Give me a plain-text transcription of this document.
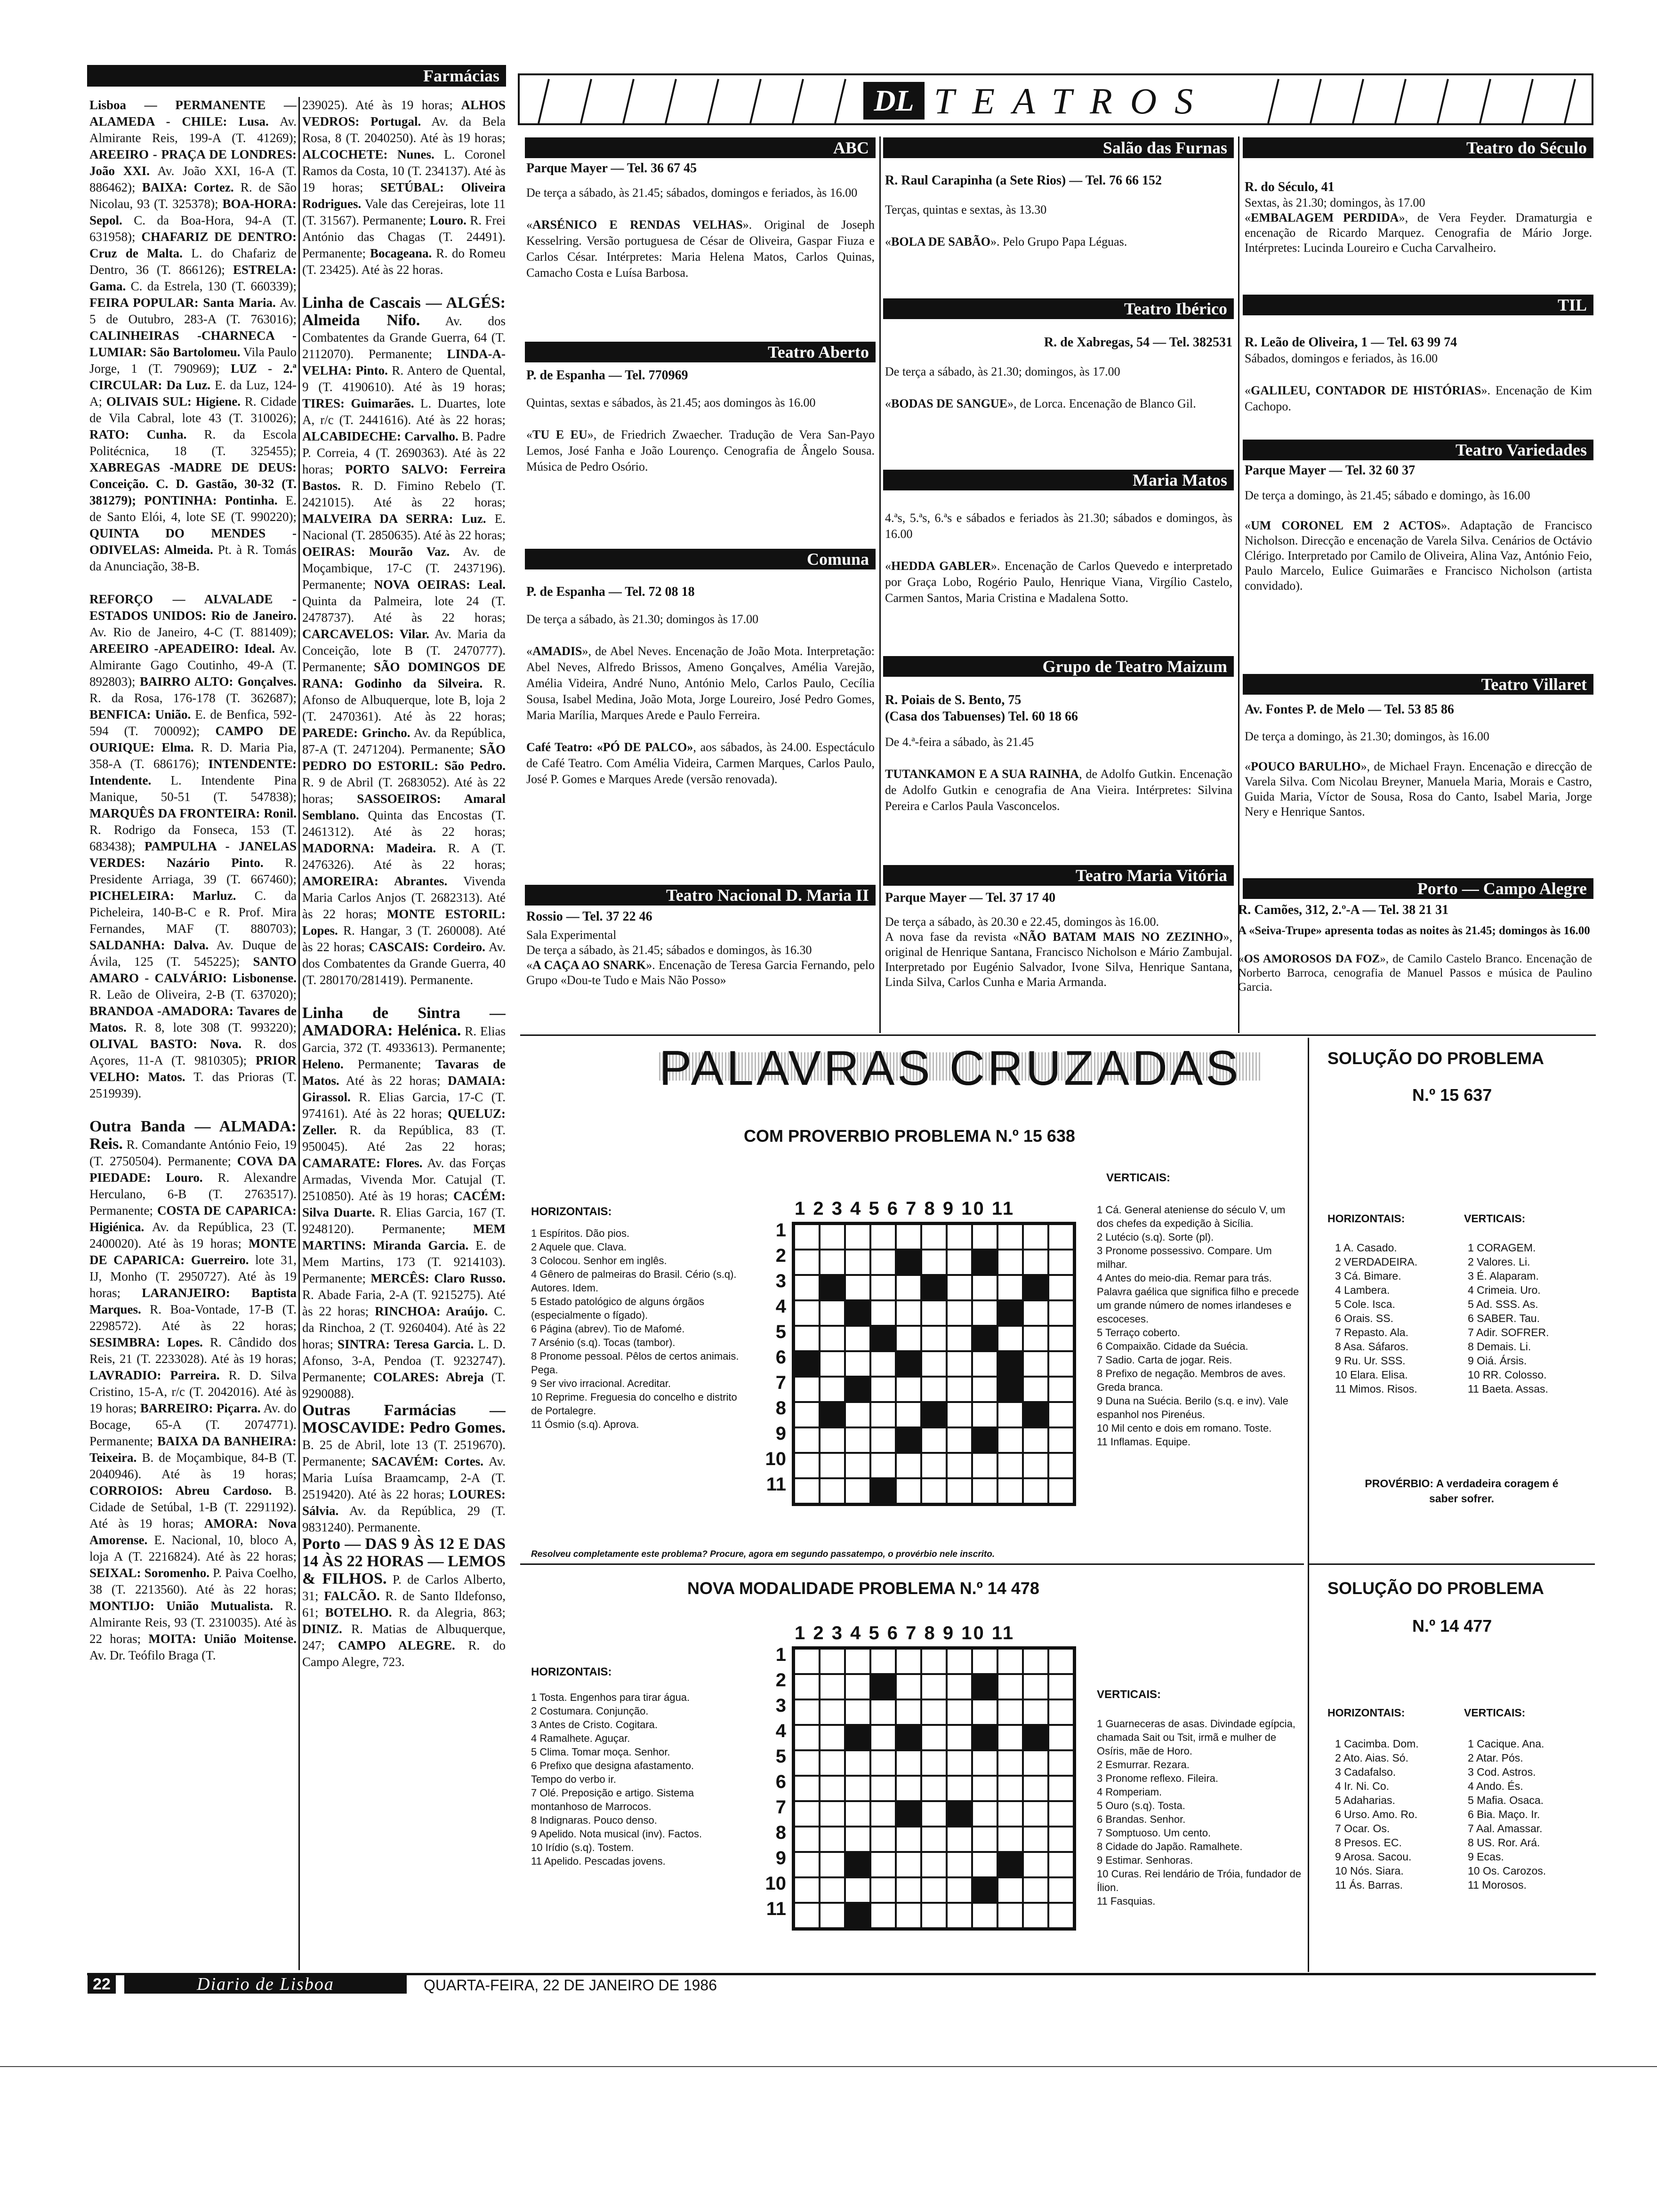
Farmácias
Lisboa — PERMANENTE —ALAMEDA - CHILE: Lusa. Av. Almirante Reis, 199-A (T. 41269); AREEIRO - PRAÇA DE LONDRES: João XXI. Av. João XXI, 16-A (T. 886462); BAIXA: Cortez. R. de São Nicolau, 93 (T. 325378); BOA-HORA: Sepol. C. da Boa-Hora, 94-A (T. 631958); CHAFARIZ DE DENTRO: Cruz de Malta. L. do Chafariz de Dentro, 36 (T. 866126); ESTRELA: Gama. C. da Estrela, 130 (T. 660339); FEIRA POPULAR: Santa Maria. Av. 5 de Outubro, 283-A (T. 763016); CALINHEIRAS -CHARNECA - LUMIAR: São Bartolomeu. Vila Paulo Jorge, 1 (T. 790969); LUZ - 2.ª CIRCULAR: Da Luz. E. da Luz, 124-A; OLIVAIS SUL: Higiene. R. Cidade de Vila Cabral, lote 43 (T. 310026); RATO: Cunha. R. da Escola Politécnica, 18 (T. 325455); XABREGAS -MADRE DE DEUS: Conceição. C. D. Gastão, 30-32 (T. 381279); PONTINHA: Pontinha. E. de Santo Elói, 4, lote SE (T. 990220); QUINTA DO MENDES - ODIVELAS: Almeida. Pt. à R. Tomás da Anunciação, 38-B.

REFORÇO — ALVALADE -ESTADOS UNIDOS: Rio de Janeiro. Av. Rio de Janeiro, 4-C (T. 881409); AREEIRO -APEADEIRO: Ideal. Av. Almirante Gago Coutinho, 49-A (T. 892803); BAIRRO ALTO: Gonçalves. R. da Rosa, 176-178 (T. 362687); BENFICA: União. E. de Benfica, 592-594 (T. 700092); CAMPO DE OURIQUE: Elma. R. D. Maria Pia, 358-A (T. 686176); INTENDENTE: Intendente. L. Intendente Pina Manique, 50-51 (T. 547838); MARQUÊS DA FRONTEIRA: Ronil. R. Rodrigo da Fonseca, 153 (T. 683438); PAMPULHA - JANELAS VERDES: Nazário Pinto. R. Presidente Arriaga, 39 (T. 667460); PICHELEIRA: Marluz. C. da Picheleira, 140-B-C e R. Prof. Mira Fernandes, MAF (T. 880703); SALDANHA: Dalva. Av. Duque de Ávila, 125 (T. 545225); SANTO AMARO - CALVÁRIO: Lisbonense. R. Leão de Oliveira, 2-B (T. 637020); BRANDOA -AMADORA: Tavares de Matos. R. 8, lote 308 (T. 993220); OLIVAL BASTO: Nova. R. dos Açores, 11-A (T. 9810305); PRIOR VELHO: Matos. T. das Prioras (T. 2519939).

Outra Banda — ALMADA: Reis. R. Comandante António Feio, 19 (T. 2750504). Permanente; COVA DA PIEDADE: Louro. R. Alexandre Herculano, 6-B (T. 2763517). Permanente; COSTA DE CAPARICA: Higiénica. Av. da República, 23 (T. 2400020). Até às 19 horas; MONTE DE CAPARICA: Guerreiro. lote 31, IJ, Monho (T. 2950727). Até às 19 horas; LARANJEIRO: Baptista Marques. R. Boa-Vontade, 17-B (T. 2298572). Até às 22 horas; SESIMBRA: Lopes. R. Cândido dos Reis, 21 (T. 2233028). Até às 19 horas; LAVRADIO: Parreira. R. D. Silva Cristino, 15-A, r/c (T. 2042016). Até às 19 horas; BARREIRO: Piçarra. Av. do Bocage, 65-A (T. 2074771). Permanente; BAIXA DA BANHEIRA: Teixeira. B. de Moçambique, 84-B (T. 2040946). Até às 19 horas; CORROIOS: Abreu Cardoso. B. Cidade de Setúbal, 1-B (T. 2291192). Até às 19 horas; AMORA: Nova Amorense. E. Nacional, 10, bloco A, loja A (T. 2216824). Até às 22 horas; SEIXAL: Soromenho. P. Paiva Coelho, 38 (T. 2213560). Até às 22 horas; MONTIJO: União Mutualista. R. Almirante Reis, 93 (T. 2310035). Até às 22 horas; MOITA: União Moitense. Av. Dr. Teófilo Braga (T.
239025). Até às 19 horas; ALHOS VEDROS: Portugal. Av. da Bela Rosa, 8 (T. 2040250). Até às 19 horas; ALCOCHETE: Nunes. L. Coronel Ramos da Costa, 10 (T. 234137). Até às 19 horas; SETÚBAL: Oliveira Rodrigues. Vale das Cerejeiras, lote 11 (T. 31567). Permanente; Louro. R. Frei António das Chagas (T. 24491). Permanente; Bocageana. R. do Romeu (T. 23425). Até às 22 horas.

Linha de Cascais — ALGÉS: Almeida Nifo. Av. dos Combatentes da Grande Guerra, 64 (T. 2112070). Permanente; LINDA-A-VELHA: Pinto. R. Antero de Quental, 9 (T. 4190610). Até às 19 horas; TIRES: Guimarães. L. Duartes, lote A, r/c (T. 2441616). Até às 22 horas; ALCABIDECHE: Carvalho. B. Padre P. Correia, 4 (T. 2690363). Até às 22 horas; PORTO SALVO: Ferreira Bastos. R. D. Fimino Rebelo (T. 2421015). Até às 22 horas; MALVEIRA DA SERRA: Luz. E. Nacional (T. 2850635). Até às 22 horas; OEIRAS: Mourão Vaz. Av. de Moçambique, 17-C (T. 2437196). Permanente; NOVA OEIRAS: Leal. Quinta da Palmeira, lote 24 (T. 2478737). Até às 22 horas; CARCAVELOS: Vilar. Av. Maria da Conceição, lote B (T. 2470777). Permanente; SÃO DOMINGOS DE RANA: Godinho da Silveira. R. Afonso de Albuquerque, lote B, loja 2 (T. 2470361). Até às 22 horas; PAREDE: Grincho. Av. da República, 87-A (T. 2471204). Permanente; SÃO PEDRO DO ESTORIL: São Pedro. R. 9 de Abril (T. 2683052). Até às 22 horas; SASSOEIROS: Amaral Semblano. Quinta das Encostas (T. 2461312). Até às 22 horas; MADORNA: Madeira. R. A (T. 2476326). Até às 22 horas; AMOREIRA: Abrantes. Vivenda Maria Carlos Anjos (T. 2682313). Até às 22 horas; MONTE ESTORIL: Lopes. R. Hangar, 3 (T. 260008). Até às 22 horas; CASCAIS: Cordeiro. Av. dos Combatentes da Grande Guerra, 40 (T. 280170/281419). Permanente.

Linha de Sintra — AMADORA: Helénica. R. Elias Garcia, 372 (T. 4933613). Permanente; Heleno. Permanente; Tavaras de Matos. Até às 22 horas; DAMAIA: Girassol. R. Elias Garcia, 17-C (T. 974161). Até às 22 horas; QUELUZ: Zeller. R. da República, 83 (T. 950045). Até 2as 22 horas; CAMARATE: Flores. Av. das Forças Armadas, Vivenda Mor. Catujal (T. 2510850). Até às 19 horas; CACÉM: Silva Duarte. R. Elias Garcia, 167 (T. 9248120). Permanente; MEM MARTINS: Miranda Garcia. E. de Mem Martins, 173 (T. 9214103). Permanente; MERCÊS: Claro Russo. R. Abade Faria, 2-A (T. 9215275). Até às 22 horas; RINCHOA: Araújo. C. da Rinchoa, 2 (T. 9260404). Até às 22 horas; SINTRA: Teresa Garcia. L. D. Afonso, 3-A, Pendoa (T. 9232747). Permanente; COLARES: Abreja (T. 9290088).
Outras Farmácias — MOSCAVIDE: Pedro Gomes. B. 25 de Abril, lote 13 (T. 2519670). Permanente; SACAVÉM: Cortes. Av. Maria Luísa Braamcamp, 2-A (T. 2519420). Até às 22 horas; LOURES: Sálvia. Av. da República, 29 (T. 9831240). Permanente.
Porto — DAS 9 ÀS 12 E DAS 14 ÀS 22 HORAS — LEMOS & FILHOS. P. de Carlos Alberto, 31; FALCÃO. R. de Santo Ildefonso, 61; BOTELHO. R. da Alegria, 863; DINIZ. R. Matias de Albuquerque, 247; CAMPO ALEGRE. R. do Campo Alegre, 723.
DL TEATROS
ABC
Parque Mayer — Tel. 36 67 45
De terça a sábado, às 21.45; sábados, domingos e feriados, às 16.00

«ARSÉNICO E RENDAS VELHAS». Original de Joseph Kesselring. Versão portuguesa de César de Oliveira, Gaspar Fiuza e Carlos César. Intérpretes: Maria Helena Matos, Carlos Quinas, Camacho Costa e Luísa Barbosa.
Teatro Aberto
P. de Espanha — Tel. 770969
Quintas, sextas e sábados, às 21.45; aos domingos às 16.00

«TU E EU», de Friedrich Zwaecher. Tradução de Vera San-Payo Lemos, José Fanha e João Lourenço. Cenografia de Ângelo Sousa. Música de Pedro Osório.
Comuna
P. de Espanha — Tel. 72 08 18
De terça a sábado, às 21.30; domingos às 17.00

«AMADIS», de Abel Neves. Encenação de João Mota. Interpretação: Abel Neves, Alfredo Brissos, Ameno Gonçalves, Amélia Varejão, Amélia Videira, André Nuno, António Melo, Carlos Paulo, Cecília Sousa, Isabel Medina, João Mota, Jorge Loureiro, José Pedro Gomes, Maria Marília, Marques Arede e Paulo Ferreira.

Café Teatro: «PÓ DE PALCO», aos sábados, às 24.00. Espectáculo de Café Teatro. Com Amélia Videira, Carmen Marques, Carlos Paulo, José P. Gomes e Marques Arede (versão renovada).
Teatro Nacional D. Maria II
Rossio — Tel. 37 22 46
Sala Experimental
De terça a sábado, às 21.45; sábados e domingos, às 16.30
«A CAÇA AO SNARK». Encenação de Teresa Garcia Fernando, pelo Grupo «Dou-te Tudo e Mais Não Posso»
Salão das Furnas
R. Raul Carapinha (a Sete Rios) — Tel. 76 66 152
Terças, quintas e sextas, às 13.30

«BOLA DE SABÃO». Pelo Grupo Papa Léguas.
Teatro Ibérico
R. de Xabregas, 54 — Tel. 382531
De terça a sábado, às 21.30; domingos, às 17.00

«BODAS DE SANGUE», de Lorca. Encenação de Blanco Gil.
Maria Matos
4.ªs, 5.ªs, 6.ªs e sábados e feriados às 21.30; sábados e domingos, às 16.00

«HEDDA GABLER». Encenação de Carlos Quevedo e interpretado por Graça Lobo, Rogério Paulo, Henrique Viana, Virgílio Castelo, Carmen Santos, Maria Cristina e Madalena Sotto.
Grupo de Teatro Maizum
R. Poiais de S. Bento, 75
(Casa dos Tabuenses) Tel. 60 18 66
De 4.ª-feira a sábado, às 21.45

TUTANKAMON E A SUA RAINHA, de Adolfo Gutkin. Encenação de Adolfo Gutkin e cenografia de Ana Vieira. Intérpretes: Silvina Pereira e Carlos Paula Vasconcelos.
Teatro Maria Vitória
Parque Mayer — Tel. 37 17 40
De terça a sábado, às 20.30 e 22.45, domingos às 16.00.
A nova fase da revista «NÃO BATAM MAIS NO ZEZINHO», original de Henrique Santana, Francisco Nicholson e Mário Zambujal. Interpretado por Eugénio Salvador, Ivone Silva, Henrique Santana, Linda Silva, Carlos Cunha e Maria Armanda.
Teatro do Século
R. do Século, 41
Sextas, às 21.30; domingos, às 17.00
«EMBALAGEM PERDIDA», de Vera Feyder. Dramaturgia e encenação de Ricardo Marquez. Cenografia de Mário Jorge. Intérpretes: Lucinda Loureiro e Cucha Carvalheiro.
TIL
R. Leão de Oliveira, 1 — Tel. 63 99 74
Sábados, domingos e feriados, às 16.00

«GALILEU, CONTADOR DE HISTÓRIAS». Encenação de Kim Cachopo.
Teatro Variedades
Parque Mayer — Tel. 32 60 37
De terça a domingo, às 21.45; sábado e domingo, às 16.00

«UM CORONEL EM 2 ACTOS». Adaptação de Francisco Nicholson. Direcção e encenação de Varela Silva. Cenários de Octávio Clérigo. Interpretado por Camilo de Oliveira, Alina Vaz, António Feio, Paulo Marcelo, Eulice Guimarães e Francisco Nicholson (artista convidado).
Teatro Villaret
Av. Fontes P. de Melo — Tel. 53 85 86
De terça a domingo, às 21.30; domingos, às 16.00

«POUCO BARULHO», de Michael Frayn. Encenação e direcção de Varela Silva. Com Nicolau Breyner, Manuela Maria, Morais e Castro, Guida Maria, Víctor de Sousa, Rosa do Canto, Isabel Maria, Jorge Nery e Henrique Santos.
Porto — Campo Alegre
R. Camões, 312, 2.º-A — Tel. 38 21 31
A «Seiva-Trupe» apresenta todas as noites às 21.45; domingos às 16.00

«OS AMOROSOS DA FOZ», de Camilo Castelo Branco. Encenação de Norberto Barroca, cenografia de Manuel Passos e música de Paulino Garcia.
PALAVRAS CRUZADAS
COM PROVERBIO PROBLEMA N.º 15 638
HORIZONTAIS:
1 Espíritos. Dão pios.
2 Aquele que. Clava.
3 Colocou. Senhor em inglês.
4 Gênero de palmeiras do Brasil. Cério (s.q). Autores. Idem.
5 Estado patológico de alguns órgãos (especialmente o fígado).
6 Página (abrev). Tio de Mafomé.
7 Arsénio (s.q). Tocas (tambor).
8 Pronome pessoal. Pêlos de certos animais. Pega.
9 Ser vivo irracional. Acreditar.
10 Reprime. Freguesia do concelho e distrito de Portalegre.
11 Ósmio (s.q). Aprova.
VERTICAIS:
1 Cá. General ateniense do século V, um dos chefes da expedição à Sicília.
2 Lutécio (s.q). Sorte (pl).
3 Pronome possessivo. Compare. Um milhar.
4 Antes do meio-dia. Remar para trás. Palavra gaélica que significa filho e precede um grande número de nomes irlandeses e escoceses.
5 Terraço coberto.
6 Compaixão. Cidade da Suécia.
7 Sadio. Carta de jogar. Reis.
8 Prefixo de negação. Membros de aves. Greda branca.
9 Duna na Suécia. Berilo (s.q. e inv). Vale espanhol nos Pirenéus.
10 Mil cento e dois em romano. Toste.
11 Inflamas. Equipe.
1 2 3 4 5 6 7 8 9 10 11
1
2
3
4
5
6
7
8
9
10
11
Resolveu completamente este problema? Procure, agora em segundo passatempo, o provérbio nele inscrito.
NOVA MODALIDADE PROBLEMA N.º 14 478
HORIZONTAIS:
1 Tosta. Engenhos para tirar água.
2 Costumara. Conjunção.
3 Antes de Cristo. Cogitara.
4 Ramalhete. Aguçar.
5 Clima. Tomar moça. Senhor.
6 Prefixo que designa afastamento. Tempo do verbo ir.
7 Olé. Preposição e artigo. Sistema montanhoso de Marrocos.
8 Indignaras. Pouco denso.
9 Apelido. Nota musical (inv). Factos.
10 Irídio (s.q). Tostem.
11 Apelido. Pescadas jovens.
VERTICAIS:
1 Guarneceras de asas. Divindade egípcia, chamada Sait ou Tsit, irmã e mulher de Osíris, mãe de Horo.
2 Esmurrar. Rezara.
3 Pronome reflexo. Fileira.
4 Romperiam.
5 Ouro (s.q). Tosta.
6 Brandas. Senhor.
7 Somptuoso. Um cento.
8 Cidade do Japão. Ramalhete.
9 Estimar. Senhoras.
10 Curas. Rei lendário de Tróia, fundador de Ílion.
11 Fasquias.
1 2 3 4 5 6 7 8 9 10 11
1
2
3
4
5
6
7
8
9
10
11
SOLUÇÃO DO PROBLEMA
N.º 15 637
HORIZONTAIS:	VERTICAIS:
1 A. Casado.
2 VERDADEIRA.
3 Cá. Bimare.
4 Lambera.
5 Cole. Isca.
6 Orais. SS.
7 Repasto. Ala.
8 Asa. Sáfaros.
9 Ru. Ur. SSS.
10 Elara. Elisa.
11 Mimos. Risos.
1 CORAGEM.
2 Valores. Li.
3 É. Alaparam.
4 Crimeia. Uro.
5 Ad. SSS. As.
6 SABER. Tau.
7 Adir. SOFRER.
8 Demais. Li.
9 Oiá. Ársis.
10 RR. Colosso.
11 Baeta. Assas.
PROVÉRBIO: A verdadeira coragem é saber sofrer.
SOLUÇÃO DO PROBLEMA
N.º 14 477
HORIZONTAIS:	VERTICAIS:
1 Cacimba. Dom.
2 Ato. Aias. Só.
3 Cadafalso.
4 Ir. Ni. Co.
5 Adaharias.
6 Urso. Amo. Ro.
7 Ocar. Os.
8 Presos. EC.
9 Arosa. Sacou.
10 Nós. Siara.
11 Ás. Barras.
1 Cacique. Ana.
2 Atar. Pós.
3 Cod. Astros.
4 Ando. És.
5 Mafia. Osaca.
6 Bia. Maço. Ir.
7 Aal. Amassar.
8 US. Ror. Ará.
9 Ecas.
10 Os. Carozos.
11 Morosos.
22	Diario de Lisboa	QUARTA-FEIRA, 22 DE JANEIRO DE 1986
